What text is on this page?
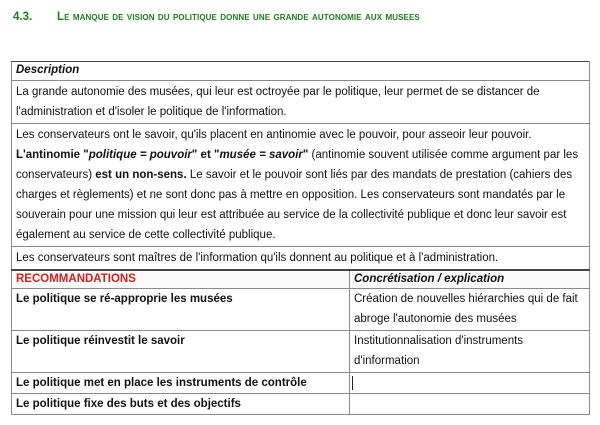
4.3.	Le manque de vision du politique donne une grande autonomie aux musees
Description	
La grande autonomie des musées, qui leur est octroyée par le politique, leur permet de se distancer de l'administration et d'isoler le politique de l'information.	
Les conservateurs ont le savoir, qu'ils placent en antinomie avec le pouvoir, pour asseoir leur pouvoir.
L'antinomie "politique = pouvoir" et "musée = savoir" (antinomie souvent utilisée comme argument par les conservateurs) est un non-sens. Le savoir et le pouvoir sont liés par des mandats de prestation (cahiers des charges et règlements) et ne sont donc pas à mettre en opposition. Les conservateurs sont mandatés par le souverain pour une mission qui leur est attribuée au service de la collectivité publique et donc leur savoir est également au service de cette collectivité publique.	
Les conservateurs sont maîtres de l'information qu'ils donnent au politique et à l'administration.	
RECOMMANDATIONS	Concrétisation / explication
Le politique se ré-approprie les musées	Création de nouvelles hiérarchies qui de fait abroge l'autonomie des musées
Le politique réinvestit le savoir	Institutionnalisation d'instruments d'information
Le politique met en place les instruments de contrôle	
Le politique fixe des buts et des objectifs	
